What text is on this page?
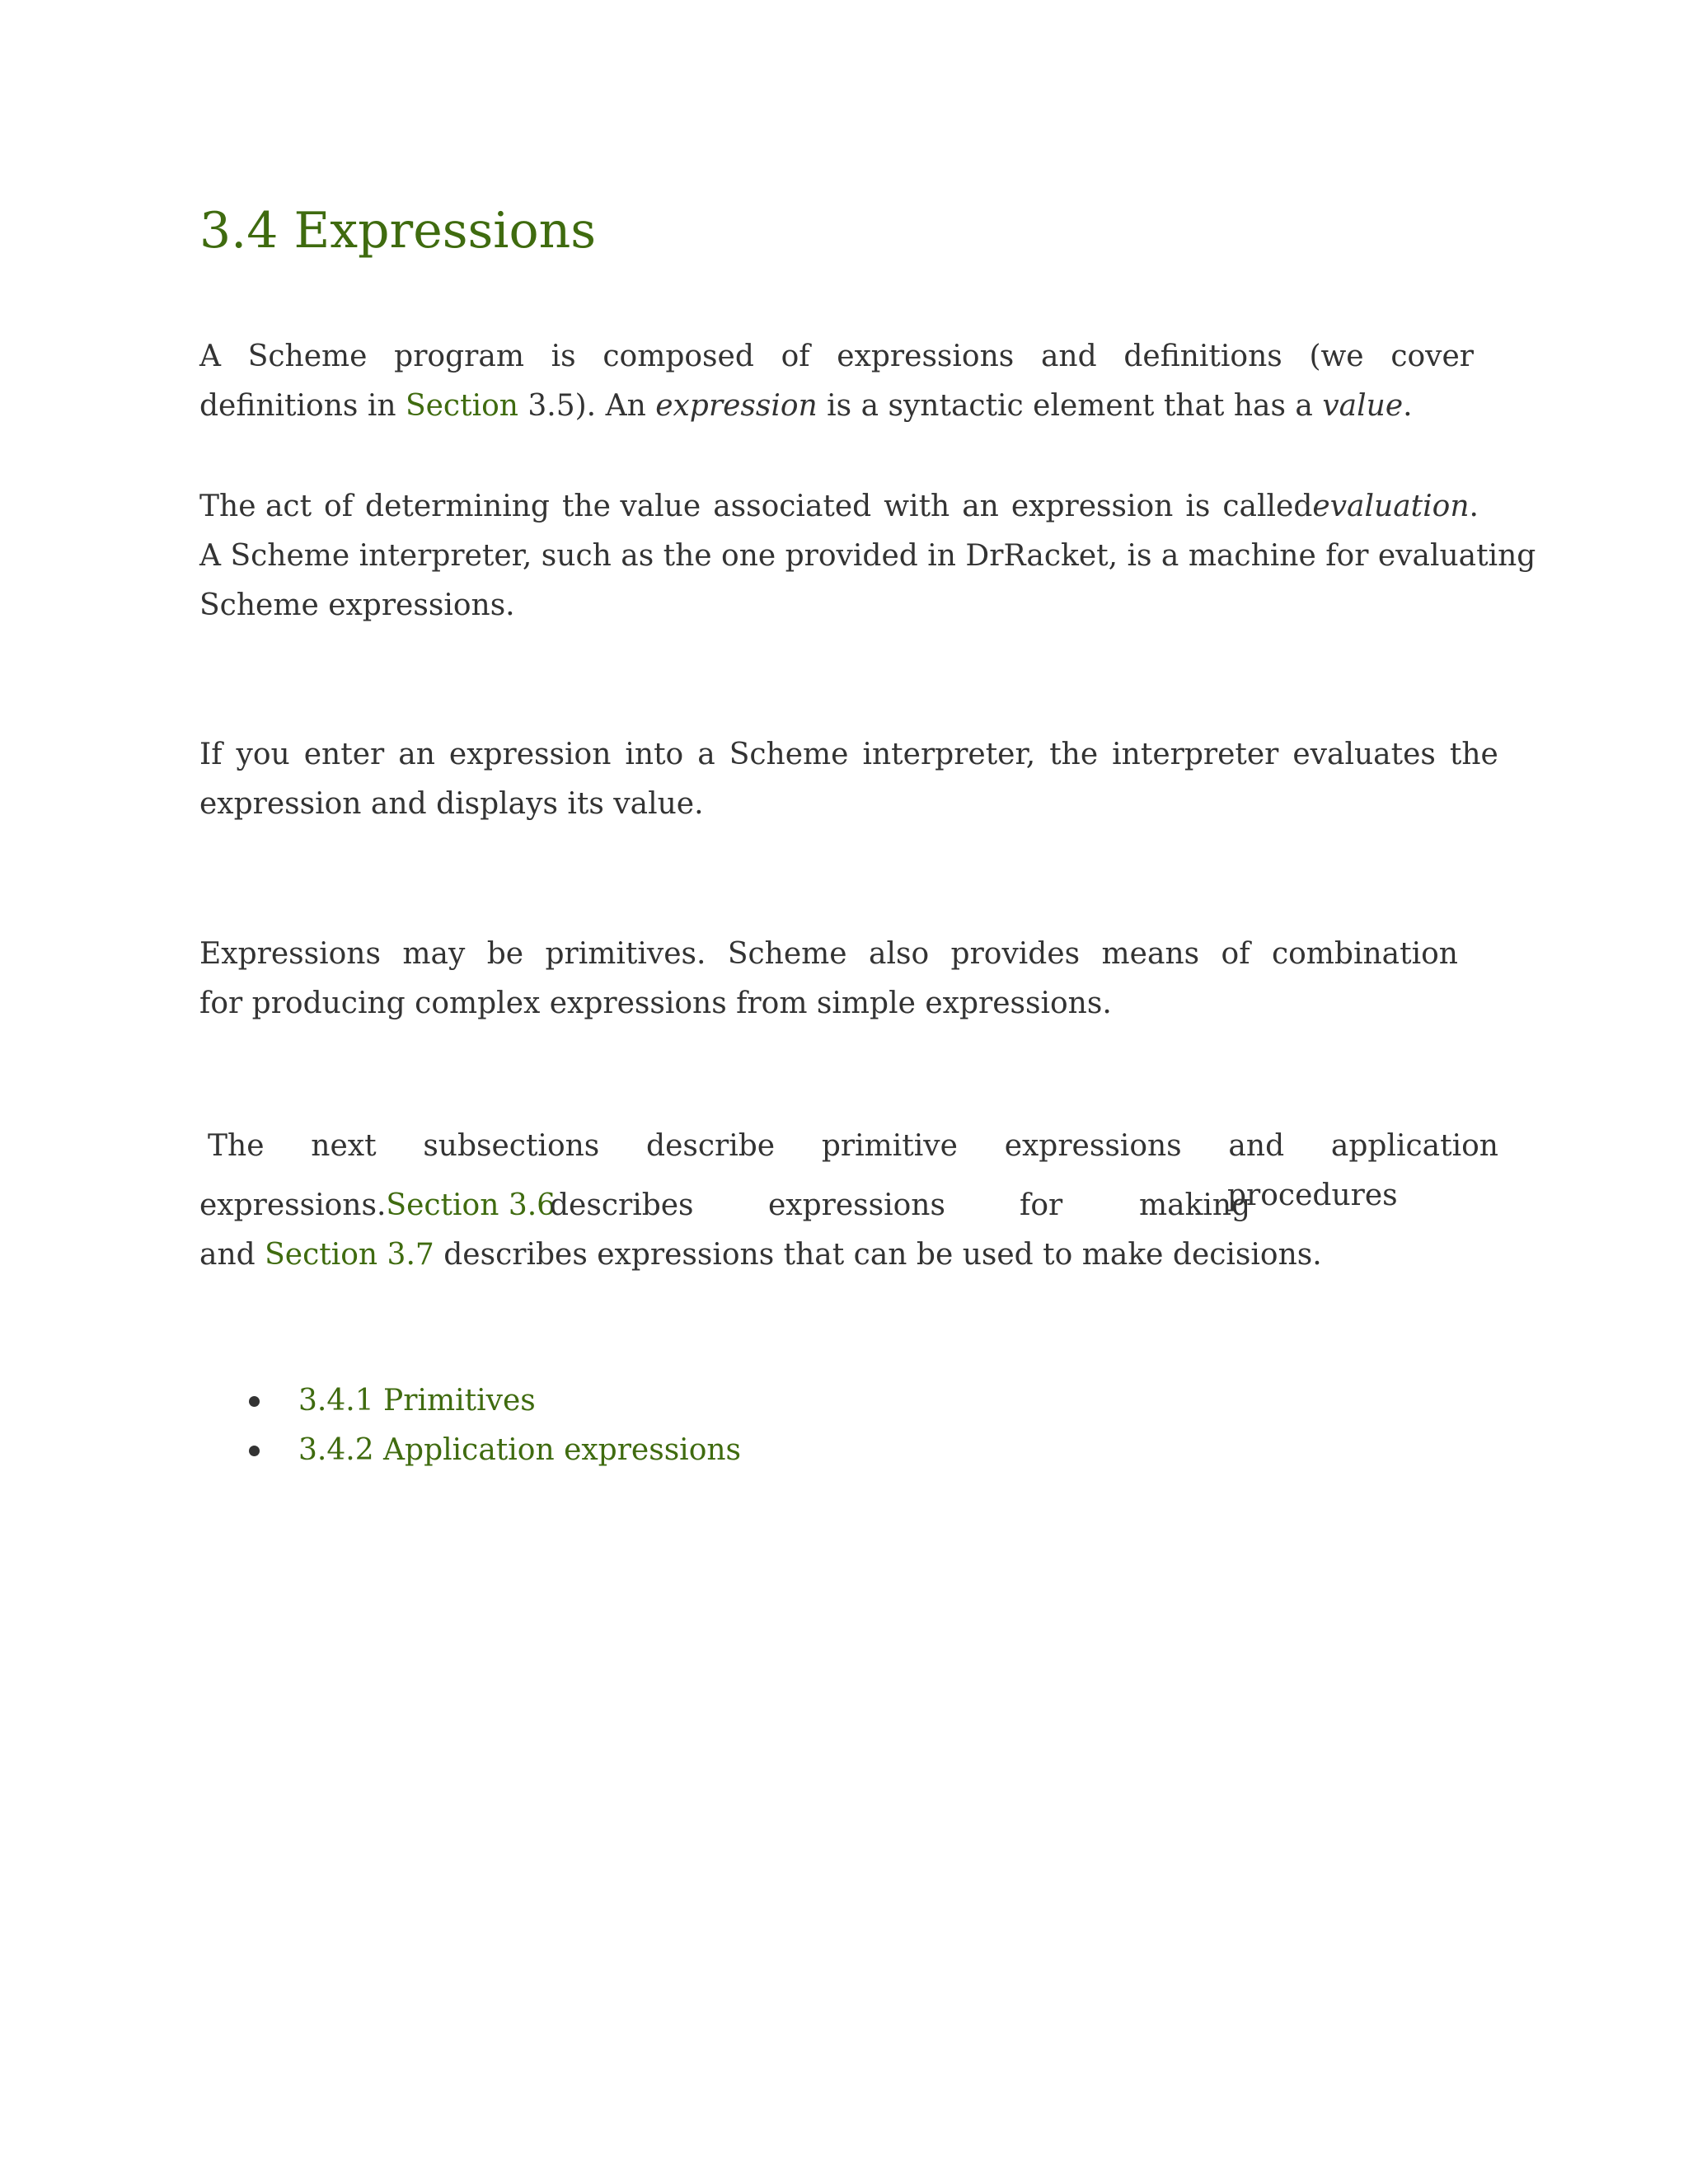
3.4 Expressions
A Scheme program is composed of expressions and definitions (we cover
definitions in Section 3.5). An expression is a syntactic element that has a value.
The act of determining the value associated with an expression is calledevaluation.
A Scheme interpreter, such as the one provided in DrRacket, is a machine for evaluating
Scheme expressions.
If you enter an expression into a Scheme interpreter, the interpreter evaluates the
expression and displays its value.
Expressions may be primitives. Scheme also provides means of combination
for producing complex expressions from simple expressions.
The next subsections describe primitive expressions and application
expressions.Section 3.6
describes	expressions	for	making
procedures
and Section 3.7 describes expressions that can be used to make decisions.
3.4.1 Primitives
3.4.2 Application expressions
